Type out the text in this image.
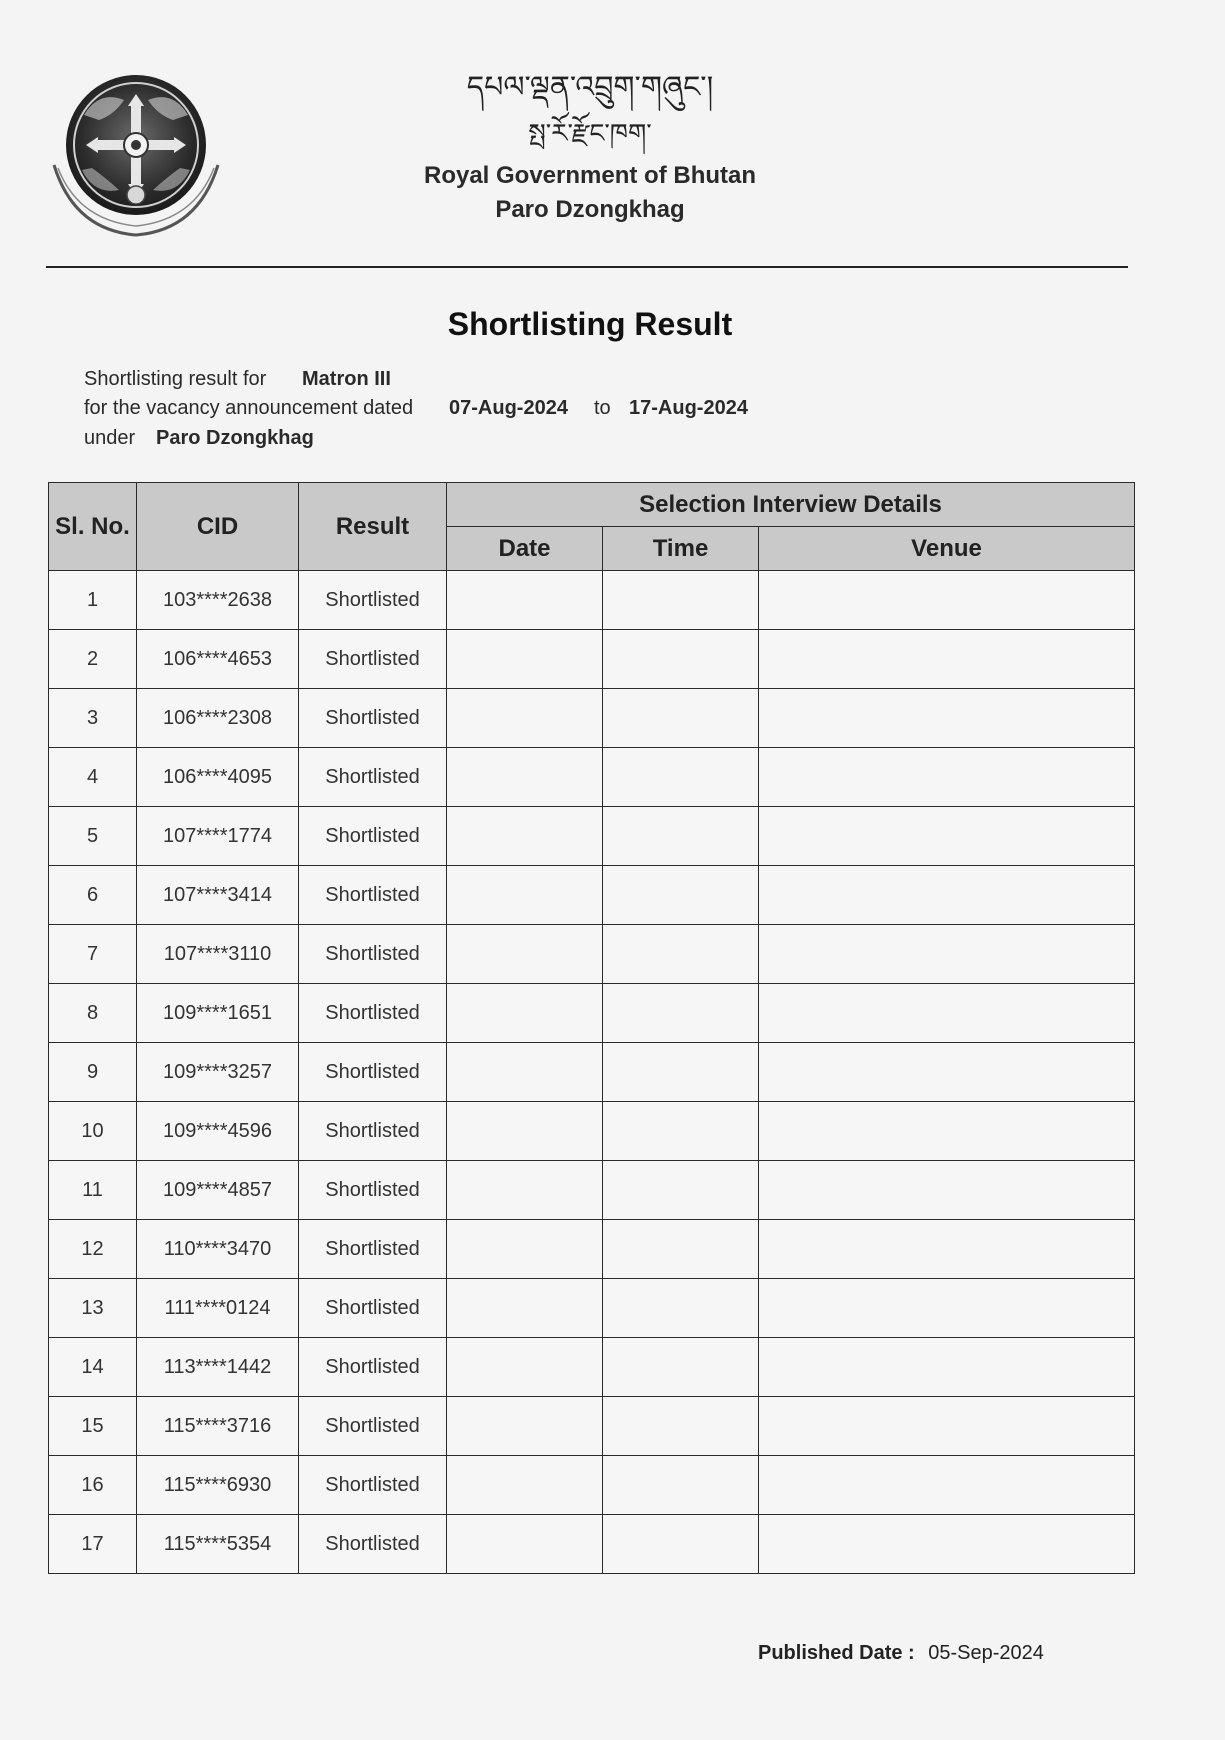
དཔལ་ལྡན་འབྲུག་གཞུང་།
སྤ་རོ་རྫོང་ཁག་
Royal Government of Bhutan
Paro Dzongkhag
Shortlisting Result
Shortlisting result for Matron III
for the vacancy announcement dated 07-Aug-2024 to 17-Aug-2024
under Paro Dzongkhag
Sl. No.	CID	Result	Selection Interview Details		
			Date	Time	Venue
1	103****2638	Shortlisted			
2	106****4653	Shortlisted			
3	106****2308	Shortlisted			
4	106****4095	Shortlisted			
5	107****1774	Shortlisted			
6	107****3414	Shortlisted			
7	107****3110	Shortlisted			
8	109****1651	Shortlisted			
9	109****3257	Shortlisted			
10	109****4596	Shortlisted			
11	109****4857	Shortlisted			
12	110****3470	Shortlisted			
13	111****0124	Shortlisted			
14	113****1442	Shortlisted			
15	115****3716	Shortlisted			
16	115****6930	Shortlisted			
17	115****5354	Shortlisted			
Published Date : 05-Sep-2024
